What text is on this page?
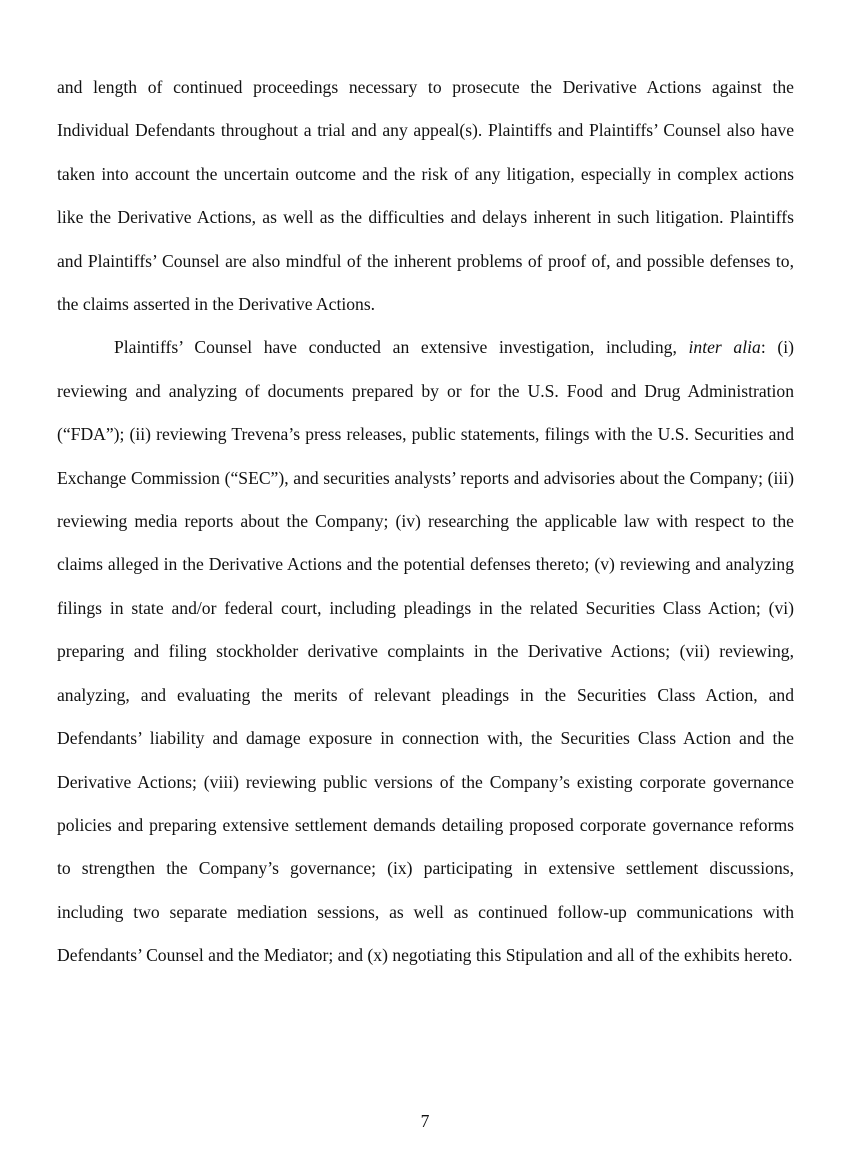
and length of continued proceedings necessary to prosecute the Derivative Actions against the Individual Defendants throughout a trial and any appeal(s). Plaintiffs and Plaintiffs’ Counsel also have taken into account the uncertain outcome and the risk of any litigation, especially in complex actions like the Derivative Actions, as well as the difficulties and delays inherent in such litigation. Plaintiffs and Plaintiffs’ Counsel are also mindful of the inherent problems of proof of, and possible defenses to, the claims asserted in the Derivative Actions.

Plaintiffs’ Counsel have conducted an extensive investigation, including, inter alia: (i) reviewing and analyzing of documents prepared by or for the U.S. Food and Drug Administration (“FDA”); (ii) reviewing Trevena’s press releases, public statements, filings with the U.S. Securities and Exchange Commission (“SEC”), and securities analysts’ reports and advisories about the Company; (iii) reviewing media reports about the Company; (iv) researching the applicable law with respect to the claims alleged in the Derivative Actions and the potential defenses thereto; (v) reviewing and analyzing filings in state and/or federal court, including pleadings in the related Securities Class Action; (vi) preparing and filing stockholder derivative complaints in the Derivative Actions; (vii) reviewing, analyzing, and evaluating the merits of relevant pleadings in the Securities Class Action, and Defendants’ liability and damage exposure in connection with, the Securities Class Action and the Derivative Actions; (viii) reviewing public versions of the Company’s existing corporate governance policies and preparing extensive settlement demands detailing proposed corporate governance reforms to strengthen the Company’s governance; (ix) participating in extensive settlement discussions, including two separate mediation sessions, as well as continued follow-up communications with Defendants’ Counsel and the Mediator; and (x) negotiating this Stipulation and all of the exhibits hereto.

7
